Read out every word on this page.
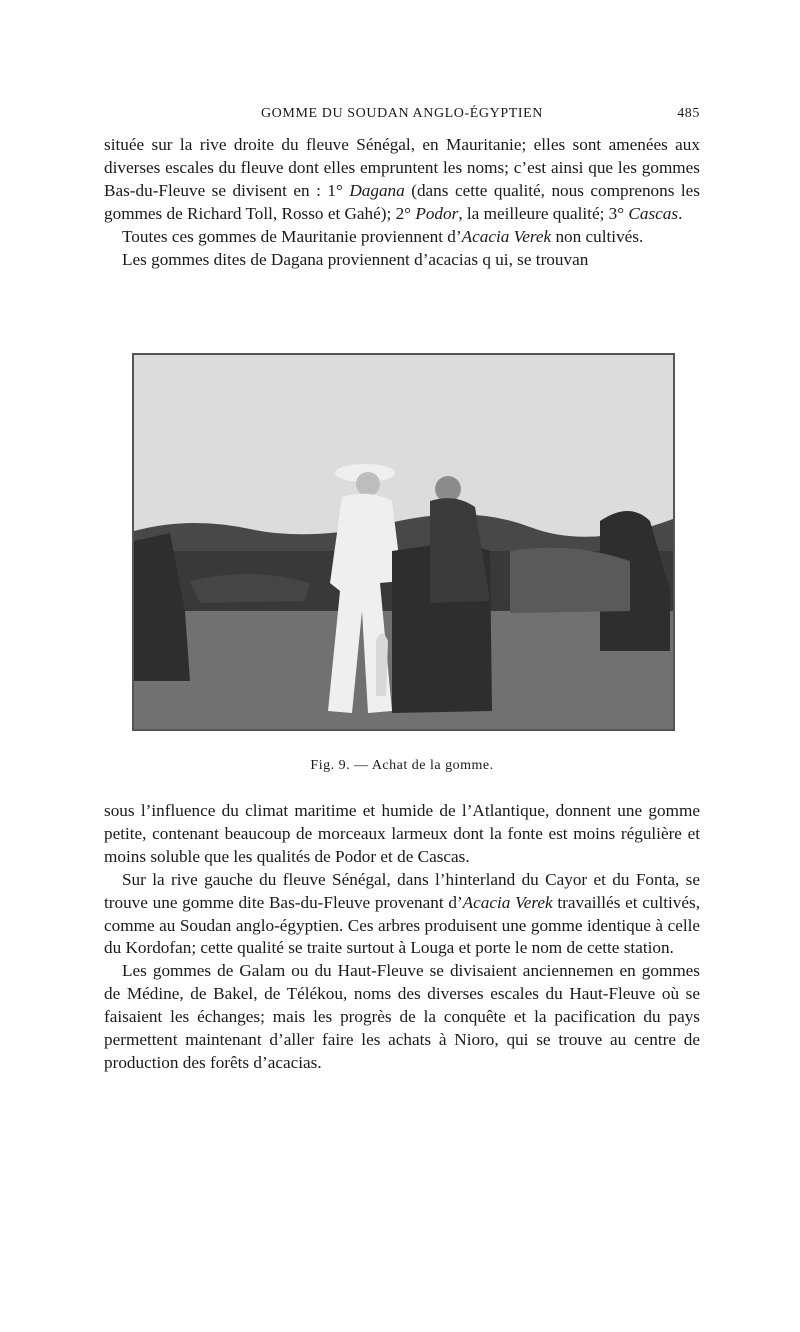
GOMME DU SOUDAN ANGLO-ÉGYPTIEN	485

située sur la rive droite du fleuve Sénégal, en Mauritanie; elles sont amenées aux diverses escales du fleuve dont elles empruntent les noms; c’est ainsi que les gommes Bas-du-Fleuve se divisent en : 1° Dagana (dans cette qualité, nous comprenons les gommes de Richard Toll, Rosso et Gahé); 2° Podor, la meilleure qualité; 3° Cascas.

Toutes ces gommes de Mauritanie proviennent d’Acacia Verek non cultivés.

Les gommes dites de Dagana proviennent d’acacias q ui, se trouvan

Fig. 9. — Achat de la gomme.

sous l’influence du climat maritime et humide de l’Atlantique, donnent une gomme petite, contenant beaucoup de morceaux larmeux dont la fonte est moins régulière et moins soluble que les qualités de Podor et de Cascas.

Sur la rive gauche du fleuve Sénégal, dans l’hinterland du Cayor et du Fonta, se trouve une gomme dite Bas-du-Fleuve provenant d’Acacia Verek travaillés et cultivés, comme au Soudan anglo-égyptien. Ces arbres produisent une gomme identique à celle du Kordofan; cette qualité se traite surtout à Louga et porte le nom de cette station.

Les gommes de Galam ou du Haut-Fleuve se divisaient anciennemen en gommes de Médine, de Bakel, de Télékou, noms des diverses escales du Haut-Fleuve où se faisaient les échanges; mais les progrès de la conquête et la pacification du pays permettent maintenant d’aller faire les achats à Nioro, qui se trouve au centre de production des forêts d’acacias.
